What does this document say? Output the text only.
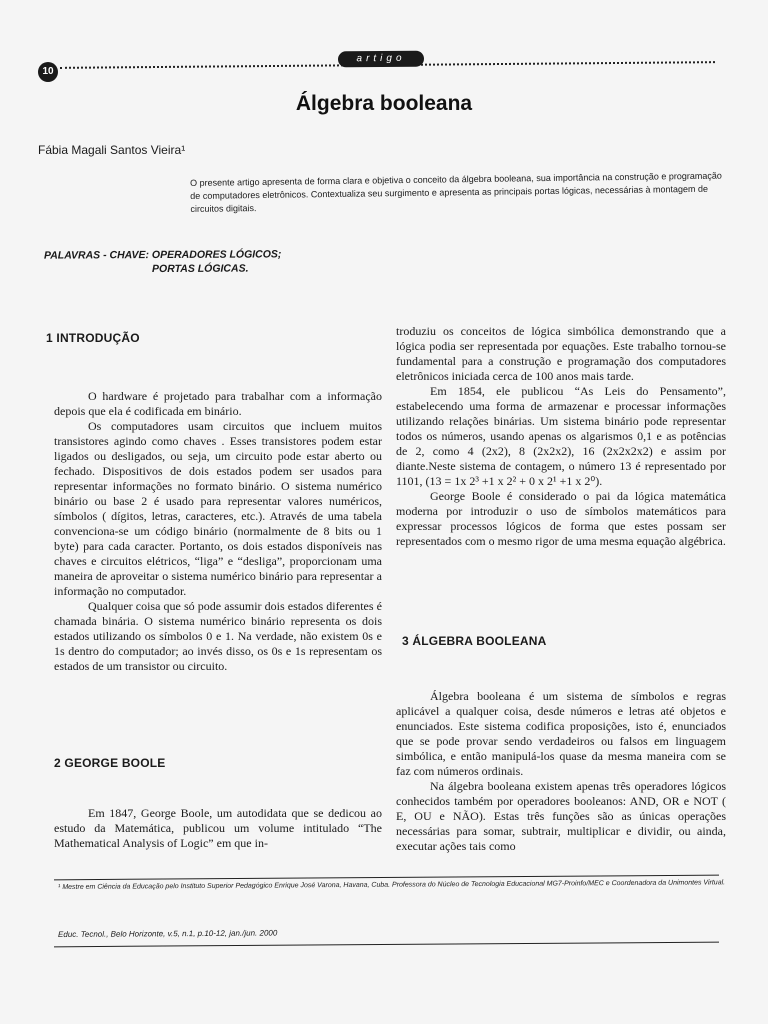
10
artigo
Álgebra booleana
Fábia Magali Santos Vieira¹
O presente artigo apresenta de forma clara e objetiva o conceito da álgebra booleana, sua importância na construção e programação de computadores eletrônicos. Contextualiza seu surgimento e apresenta as principais portas lógicas, necessárias à montagem de circuitos digitais.
PALAVRAS - CHAVE: OPERADORES LÓGICOS;
PORTAS LÓGICAS.
1 INTRODUÇÃO

O hardware é projetado para trabalhar com a informação depois que ela é codificada em binário.

Os computadores usam circuitos que incluem muitos transistores agindo como chaves . Esses transistores podem estar ligados ou desligados, ou seja, um circuito pode estar aberto ou fechado. Dispositivos de dois estados podem ser usados para representar informações no formato binário. O sistema numérico binário ou base 2 é usado para representar valores numéricos, símbolos ( dígitos, letras, caracteres, etc.). Através de uma tabela convenciona-se um código binário (normalmente de 8 bits ou 1 byte) para cada caracter. Portanto, os dois estados disponíveis nas chaves e circuitos elétricos, “liga” e “desliga”, proporcionam uma maneira de aproveitar o sistema numérico binário para representar a informação no computador.

Qualquer coisa que só pode assumir dois estados diferentes é chamada binária. O sistema numérico binário representa os dois estados utilizando os símbolos 0 e 1. Na verdade, não existem 0s e 1s dentro do computador; ao invés disso, os 0s e 1s representam os estados de um transistor ou circuito.

2 GEORGE BOOLE

Em 1847, George Boole, um autodidata que se dedicou ao estudo da Matemática, publicou um volume intitulado “The Mathematical Analysis of Logic” em que in-

troduziu os conceitos de lógica simbólica demonstrando que a lógica podia ser representada por equações. Este trabalho tornou-se fundamental para a construção e programação dos computadores eletrônicos iniciada cerca de 100 anos mais tarde.

Em 1854, ele publicou “As Leis do Pensamento”, estabelecendo uma forma de armazenar e processar informações utilizando relações binárias. Um sistema binário pode representar todos os números, usando apenas os algarismos 0,1 e as potências de 2, como 4 (2x2), 8 (2x2x2), 16 (2x2x2x2) e assim por diante.Neste sistema de contagem, o número 13 é representado por 1101, (13 = 1x 2³ +1 x 2² + 0 x 2¹ +1 x 2⁰).

George Boole é considerado o pai da lógica matemática moderna por introduzir o uso de símbolos matemáticos para expressar processos lógicos de forma que estes possam ser representados com o mesmo rigor de uma mesma equação algébrica.

3 ÁLGEBRA BOOLEANA

Álgebra booleana é um sistema de símbolos e regras aplicável a qualquer coisa, desde números e letras até objetos e enunciados. Este sistema codifica proposições, isto é, enunciados que se pode provar sendo verdadeiros ou falsos em linguagem simbólica, e então manipulá-los quase da mesma maneira com se faz com números ordinais.

Na álgebra booleana existem apenas três operadores lógicos conhecidos também por operadores booleanos: AND, OR e NOT ( E, OU e NÃO). Estas três funções são as únicas operações necessárias para somar, subtrair, multiplicar e dividir, ou ainda, executar ações tais como

¹ Mestre em Ciência da Educação pelo Instituto Superior Pedagógico Enrique José Varona, Havana, Cuba. Professora do Núcleo de Tecnologia Educacional MG7-Proinfo/MEC e Coordenadora da Unimontes Virtual.
Educ. Tecnol., Belo Horizonte, v.5, n.1, p.10-12, jan./jun. 2000
